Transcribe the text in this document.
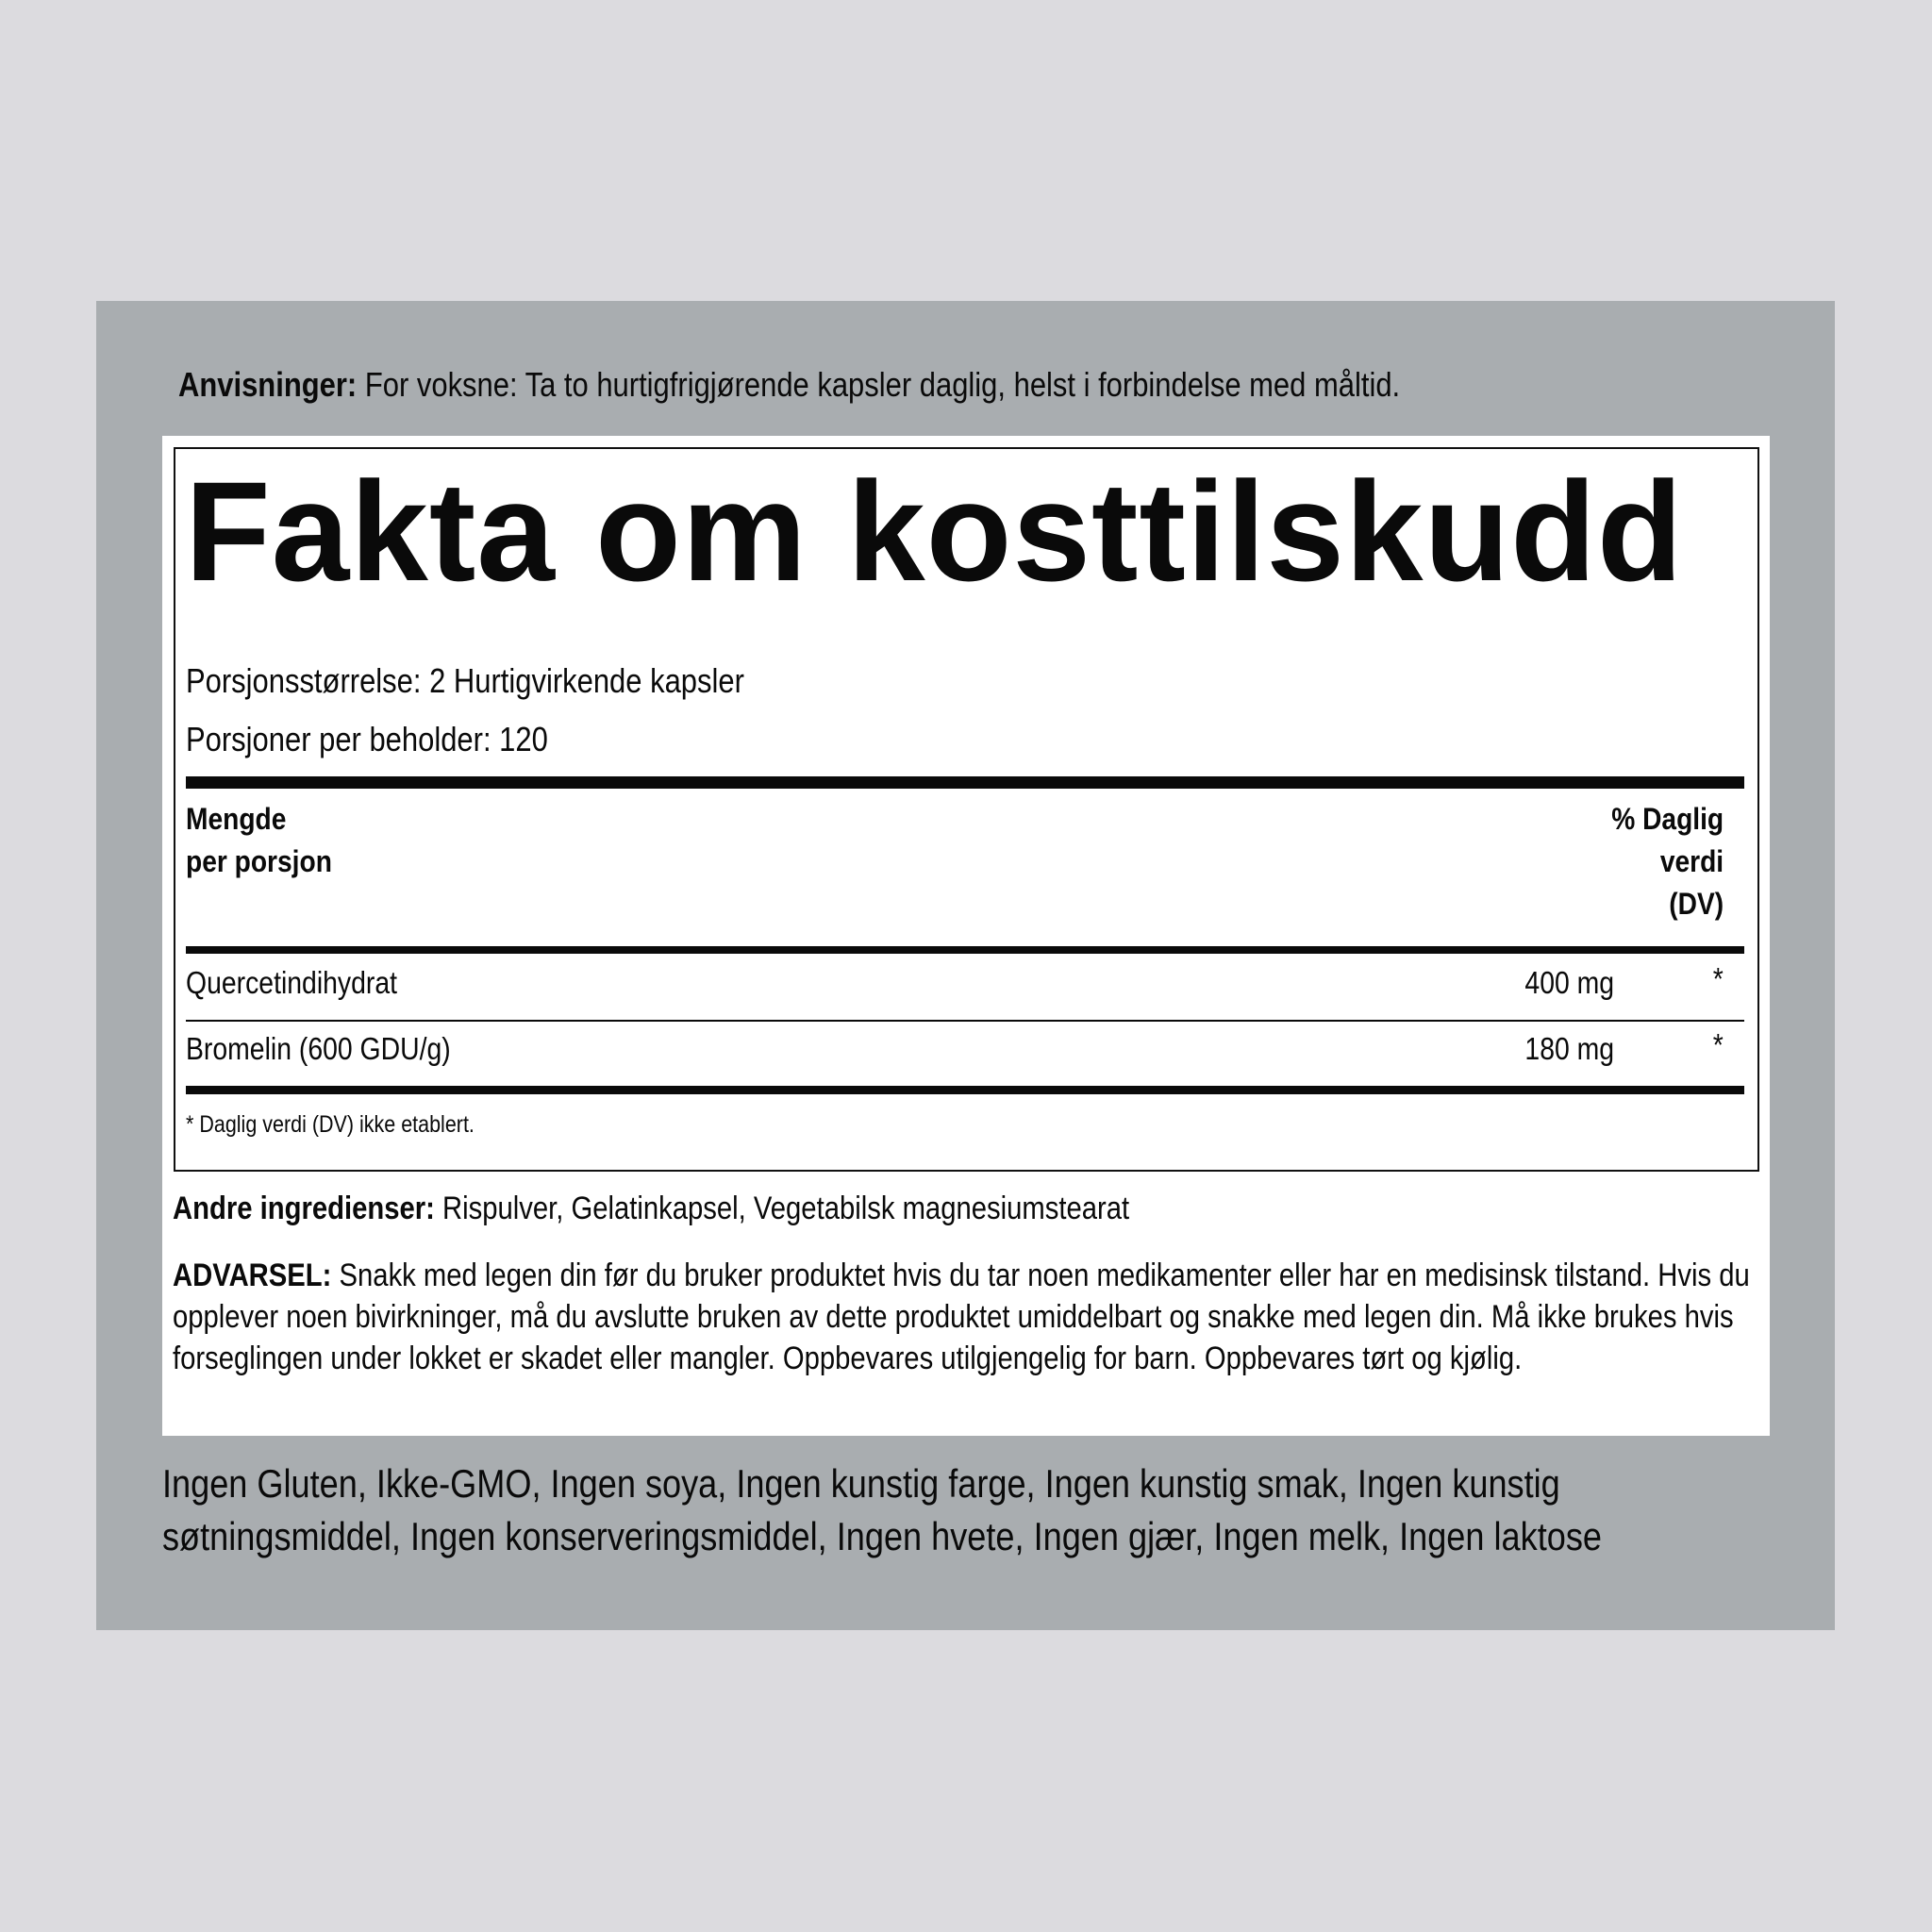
Anvisninger: For voksne: Ta to hurtigfrigjørende kapsler daglig, helst i forbindelse med måltid.
Fakta om kosttilskudd
Porsjonsstørrelse: 2 Hurtigvirkende kapsler
Porsjoner per beholder: 120
Mengde
per porsjon
% Daglig
verdi
(DV)
Quercetindihydrat	400 mg	*
Bromelin (600 GDU/g)	180 mg	*
* Daglig verdi (DV) ikke etablert.
Andre ingredienser: Rispulver, Gelatinkapsel, Vegetabilsk magnesiumstearat
ADVARSEL: Snakk med legen din før du bruker produktet hvis du tar noen medikamenter eller har en medisinsk tilstand. Hvis du opplever noen bivirkninger, må du avslutte bruken av dette produktet umiddelbart og snakke med legen din. Må ikke brukes hvis forseglingen under lokket er skadet eller mangler. Oppbevares utilgjengelig for barn. Oppbevares tørt og kjølig.
Ingen Gluten, Ikke-GMO, Ingen soya, Ingen kunstig farge, Ingen kunstig smak, Ingen kunstig søtningsmiddel, Ingen konserveringsmiddel, Ingen hvete, Ingen gjær, Ingen melk, Ingen laktose
